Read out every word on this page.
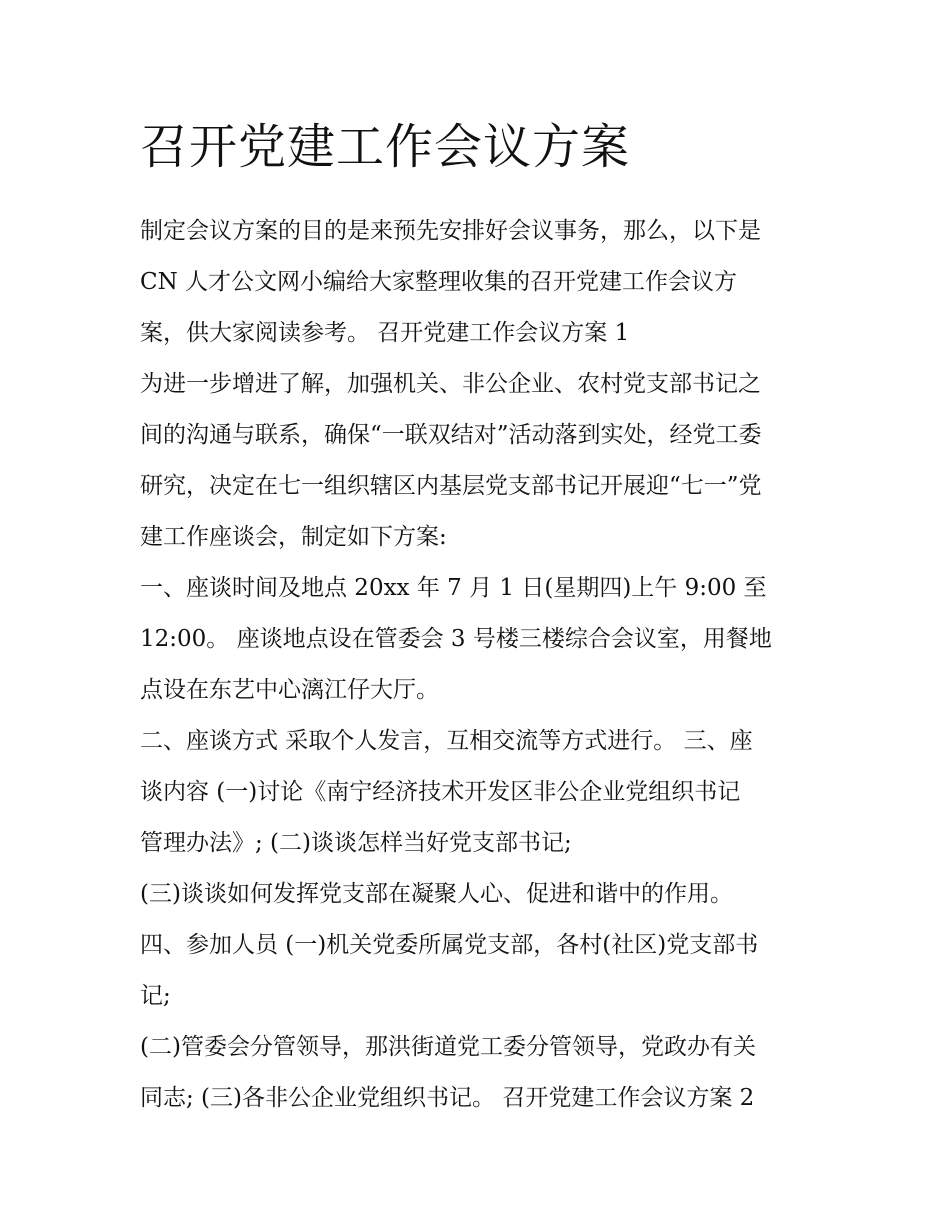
召开党建工作会议方案
制定会议方案的目的是来预先安排好会议事务，那么，以下是
CN 人才公文网小编给大家整理收集的召开党建工作会议方
案，供大家阅读参考。 召开党建工作会议方案 1
为进一步增进了解，加强机关、非公企业、农村党支部书记之
间的沟通与联系，确保“一联双结对”活动落到实处，经党工委
研究，决定在七一组织辖区内基层党支部书记开展迎“七一”党
建工作座谈会，制定如下方案:
一、座谈时间及地点 20xx 年 7 月 1 日(星期四)上午 9:00 至
12:00。 座谈地点设在管委会 3 号楼三楼综合会议室，用餐地
点设在东艺中心漓江仔大厅。
二、座谈方式 采取个人发言，互相交流等方式进行。 三、座
谈内容 (一)讨论《南宁经济技术开发区非公企业党组织书记
管理办法》; (二)谈谈怎样当好党支部书记;
(三)谈谈如何发挥党支部在凝聚人心、促进和谐中的作用。
四、参加人员 (一)机关党委所属党支部，各村(社区)党支部书
记;
(二)管委会分管领导，那洪街道党工委分管领导，党政办有关
同志; (三)各非公企业党组织书记。 召开党建工作会议方案 2
